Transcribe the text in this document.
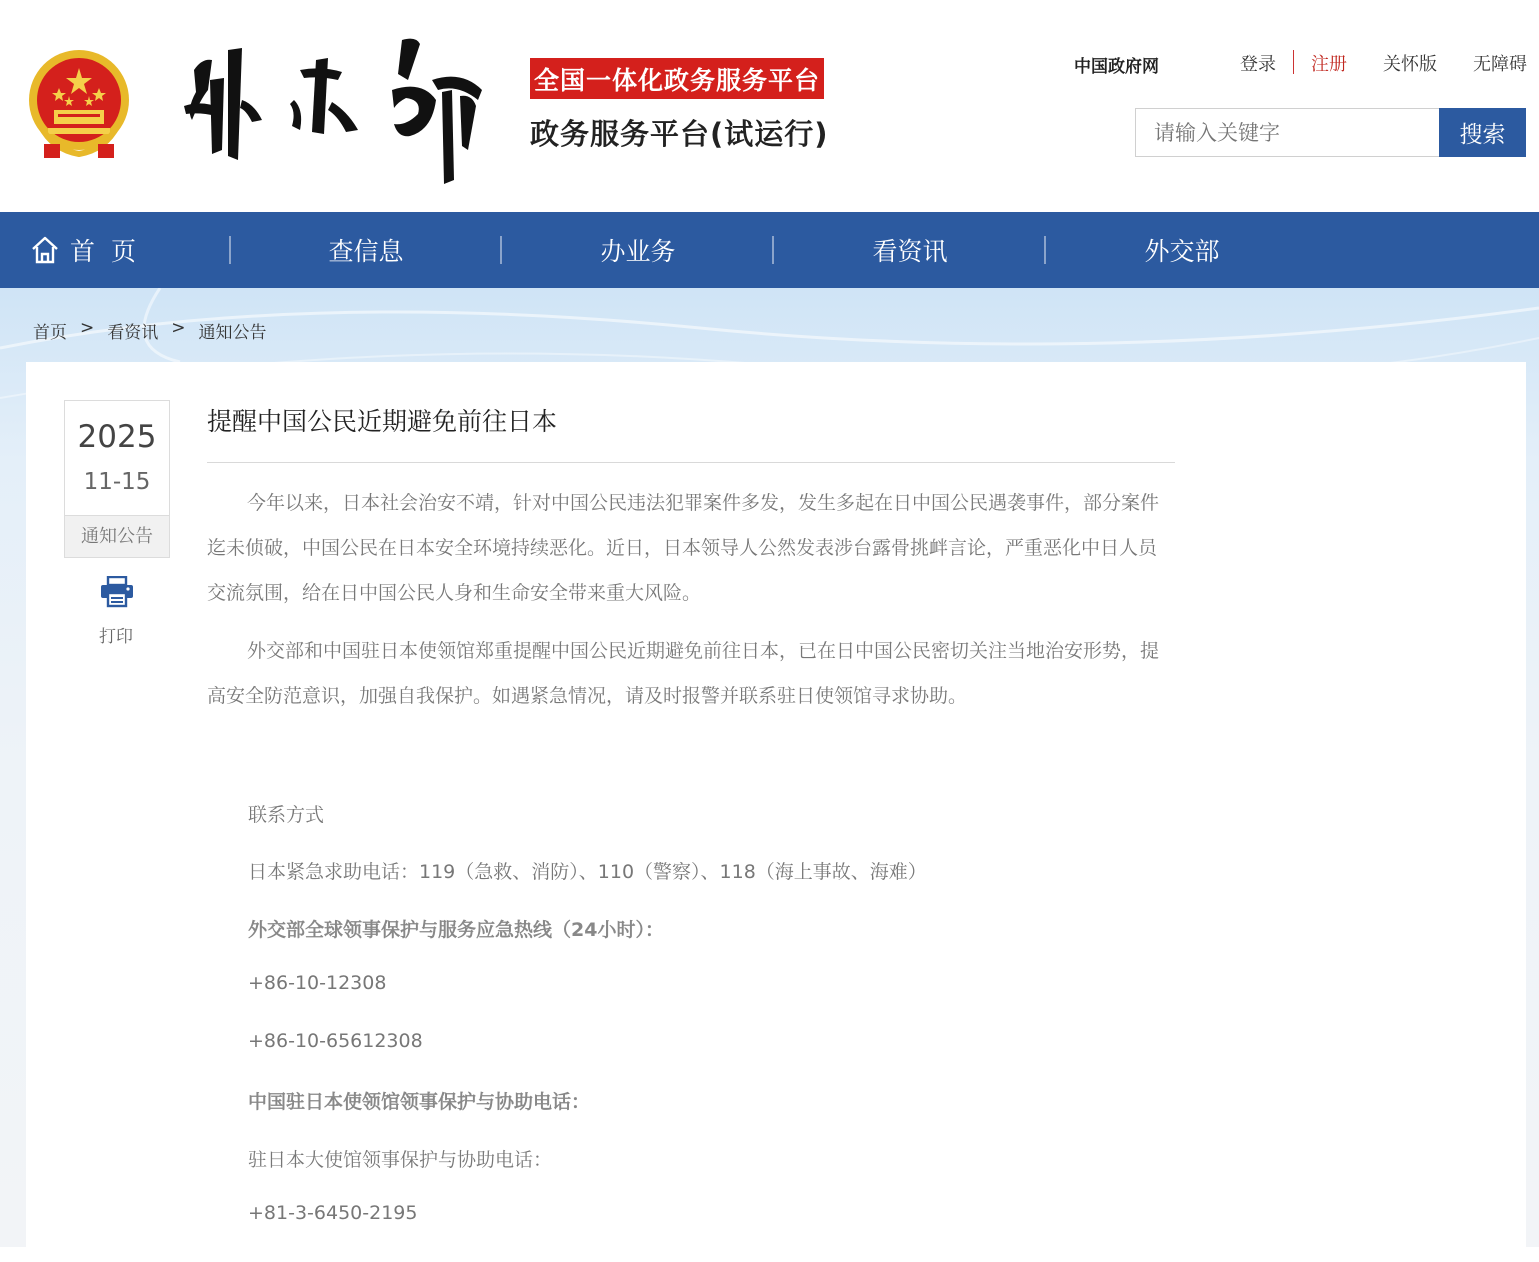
全国一体化政务服务平台
政务服务平台(试运行)
中国政府网	登录 注册 关怀版 无障碍
请输入关键字
搜索
首 页	查信息	办业务	看资讯	外交部
首页 > 看资讯 > 通知公告
2025
11-15
通知公告
打印
提醒中国公民近期避免前往日本

今年以来，日本社会治安不靖，针对中国公民违法犯罪案件多发，发生多起在日中国公民遇袭事件，部分案件迄未侦破，中国公民在日本安全环境持续恶化。近日，日本领导人公然发表涉台露骨挑衅言论，严重恶化中日人员交流氛围，给在日中国公民人身和生命安全带来重大风险。

外交部和中国驻日本使领馆郑重提醒中国公民近期避免前往日本，已在日中国公民密切关注当地治安形势，提高安全防范意识，加强自我保护。如遇紧急情况，请及时报警并联系驻日使领馆寻求协助。

联系方式
日本紧急求助电话：119（急救、消防）、110（警察）、118（海上事故、海难）
外交部全球领事保护与服务应急热线（24小时）：
+86-10-12308
+86-10-65612308
中国驻日本使领馆领事保护与协助电话：
驻日本大使馆领事保护与协助电话：
+81-3-6450-2195
